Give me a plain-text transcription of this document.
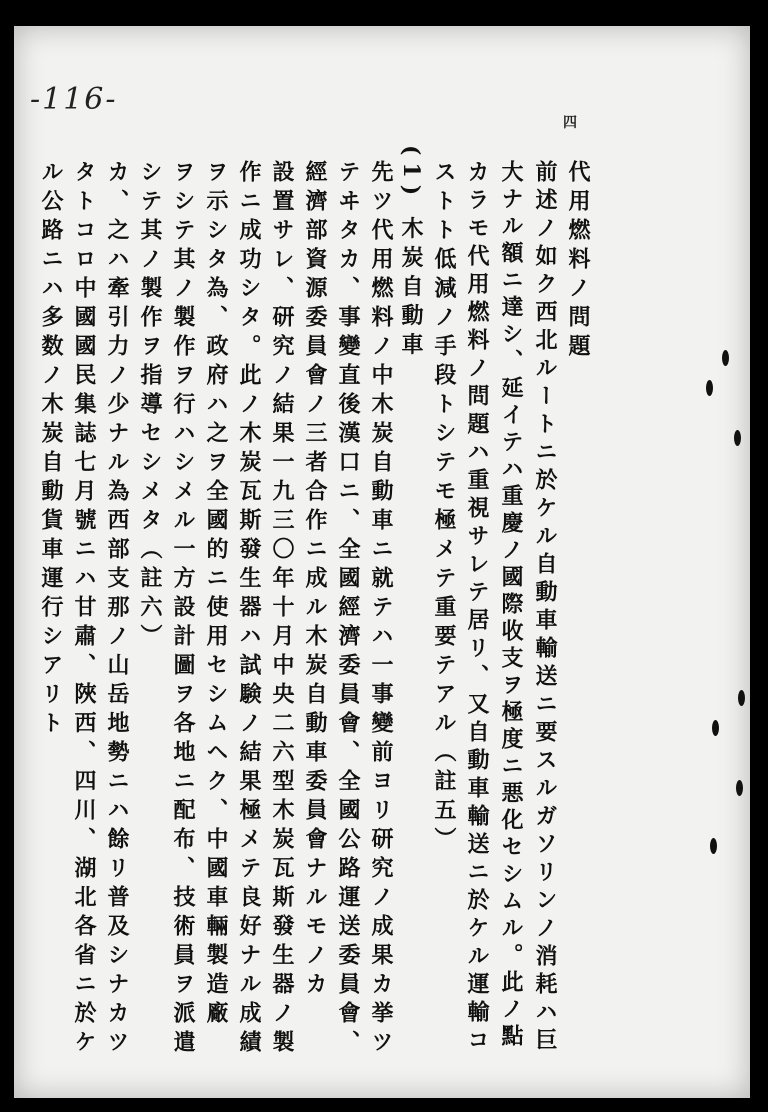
-116-
四
代用燃料ノ問題
前述ノ如ク西北ルートニ於ケル自動車輸送ニ要スルガソリンノ消耗ハ巨
大ナル額ニ達シ、延イテハ重慶ノ國際收支ヲ極度ニ悪化セシムル。此ノ點
カラモ代用燃料ノ問題ハ重視サレテ居リ、又自動車輸送ニ於ケル運輸コ
ストト低減ノ手段トシテモ極メテ重要テアル（註五）
(1) 木炭自動車
先ツ代用燃料ノ中木炭自動車ニ就テハ一事變前ヨリ研究ノ成果カ挙ツ
テヰタカ、事變直後漢口ニ、全國經濟委員會、全國公路運送委員會、
經濟部資源委員會ノ三者合作ニ成ル木炭自動車委員會ナルモノカ
設置サレ、研究ノ結果一九三〇年十月中央二六型木炭瓦斯發生器ノ製
作ニ成功シタ。此ノ木炭瓦斯發生器ハ試験ノ結果極メテ良好ナル成績
ヲ示シタ為、政府ハ之ヲ全國的ニ使用セシムヘク、中國車輛製造廠
ヲシテ其ノ製作ヲ行ハシメル一方設計圖ヲ各地ニ配布、技術員ヲ派遣
シテ其ノ製作ヲ指導セシメタ（註六）
カ、之ハ牽引力ノ少ナル為西部支那ノ山岳地勢ニハ餘リ普及シナカツ
タトコロ中國國民集誌七月號ニハ甘肅、陜西、四川、湖北各省ニ於ケ
ル公路ニハ多数ノ木炭自動貨車運行シアリト
